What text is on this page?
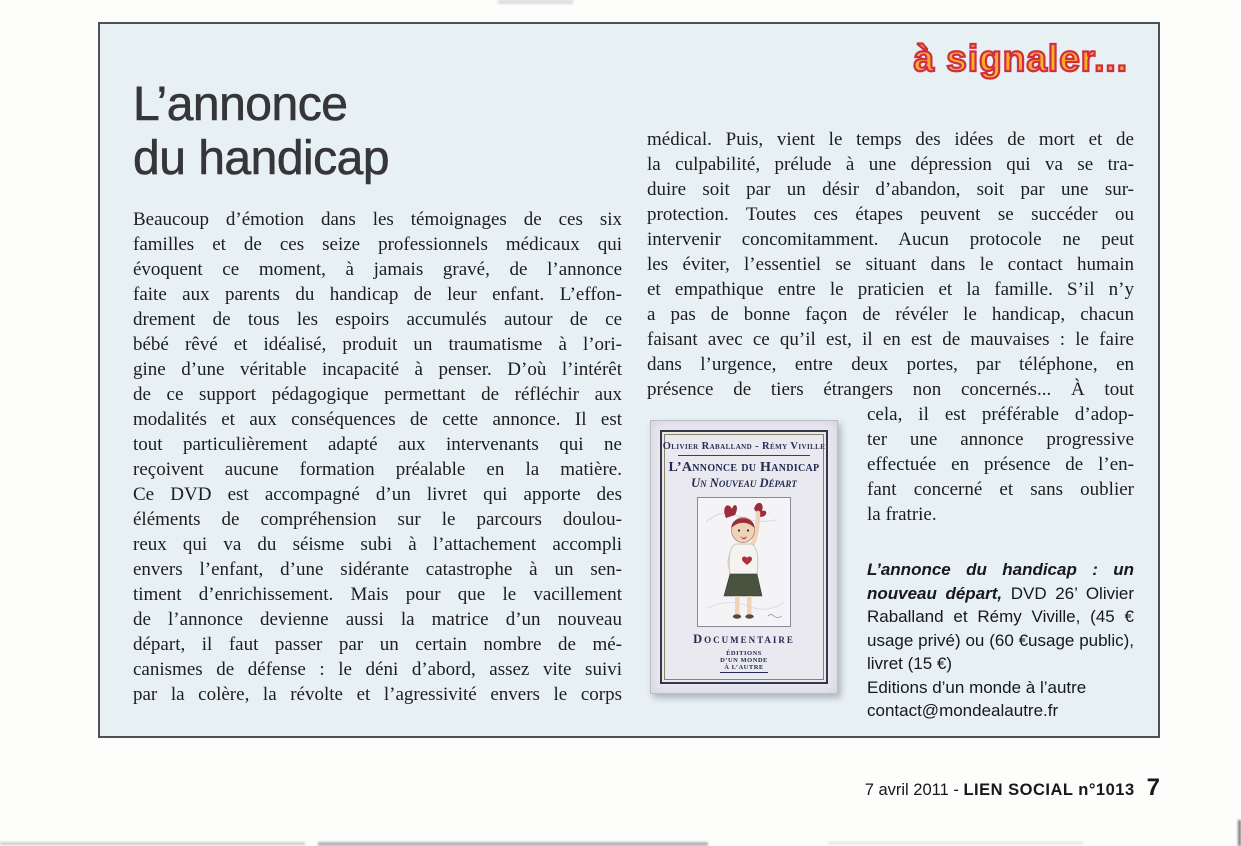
à signaler...
L’annonce
du handicap
Beaucoup d’émotion dans les témoignages de ces six
familles et de ces seize professionnels médicaux qui
évoquent ce moment, à jamais gravé, de l’annonce
faite aux parents du handicap de leur enfant. L’effon-
drement de tous les espoirs accumulés autour de ce
bébé rêvé et idéalisé, produit un traumatisme à l’ori-
gine d’une véritable incapacité à penser. D’où l’intérêt
de ce support pédagogique permettant de réfléchir aux
modalités et aux conséquences de cette annonce. Il est
tout particulièrement adapté aux intervenants qui ne
reçoivent aucune formation préalable en la matière.
Ce DVD est accompagné d’un livret qui apporte des
éléments de compréhension sur le parcours doulou-
reux qui va du séisme subi à l’attachement accompli
envers l’enfant, d’une sidérante catastrophe à un sen-
timent d’enrichissement. Mais pour que le vacillement
de l’annonce devienne aussi la matrice d’un nouveau
départ, il faut passer par un certain nombre de mé-
canismes de défense : le déni d’abord, assez vite suivi
par la colère, la révolte et l’agressivité envers le corps
médical. Puis, vient le temps des idées de mort et de
la culpabilité, prélude à une dépression qui va se tra-
duire soit par un désir d’abandon, soit par une sur-
protection. Toutes ces étapes peuvent se succéder ou
intervenir concomitamment. Aucun protocole ne peut
les éviter, l’essentiel se situant dans le contact humain
et empathique entre le praticien et la famille. S’il n’y
a pas de bonne façon de révéler le handicap, chacun
faisant avec ce qu’il est, il en est de mauvaises : le faire
dans l’urgence, entre deux portes, par téléphone, en
présence de tiers étrangers non concernés... À tout
Olivier Raballand - Rémy Viville
L’Annonce du Handicap
Un Nouveau Départ
Documentaire
ÉDITIONS
D’UN MONDE
À L’AUTRE
cela, il est préférable d’adop-
ter une annonce progressive
effectuée en présence de l’en-
fant concerné et sans oublier
la fratrie.

L’annonce du handicap : un nouveau départ, DVD 26’ Olivier Raballand et Rémy Viville, (45 € usage privé) ou (60 €usage public), livret (15 €)

Editions d’un monde à l’autre
contact@mondealautre.fr
7 avril 2011 - LIEN SOCIAL n°1013 7
